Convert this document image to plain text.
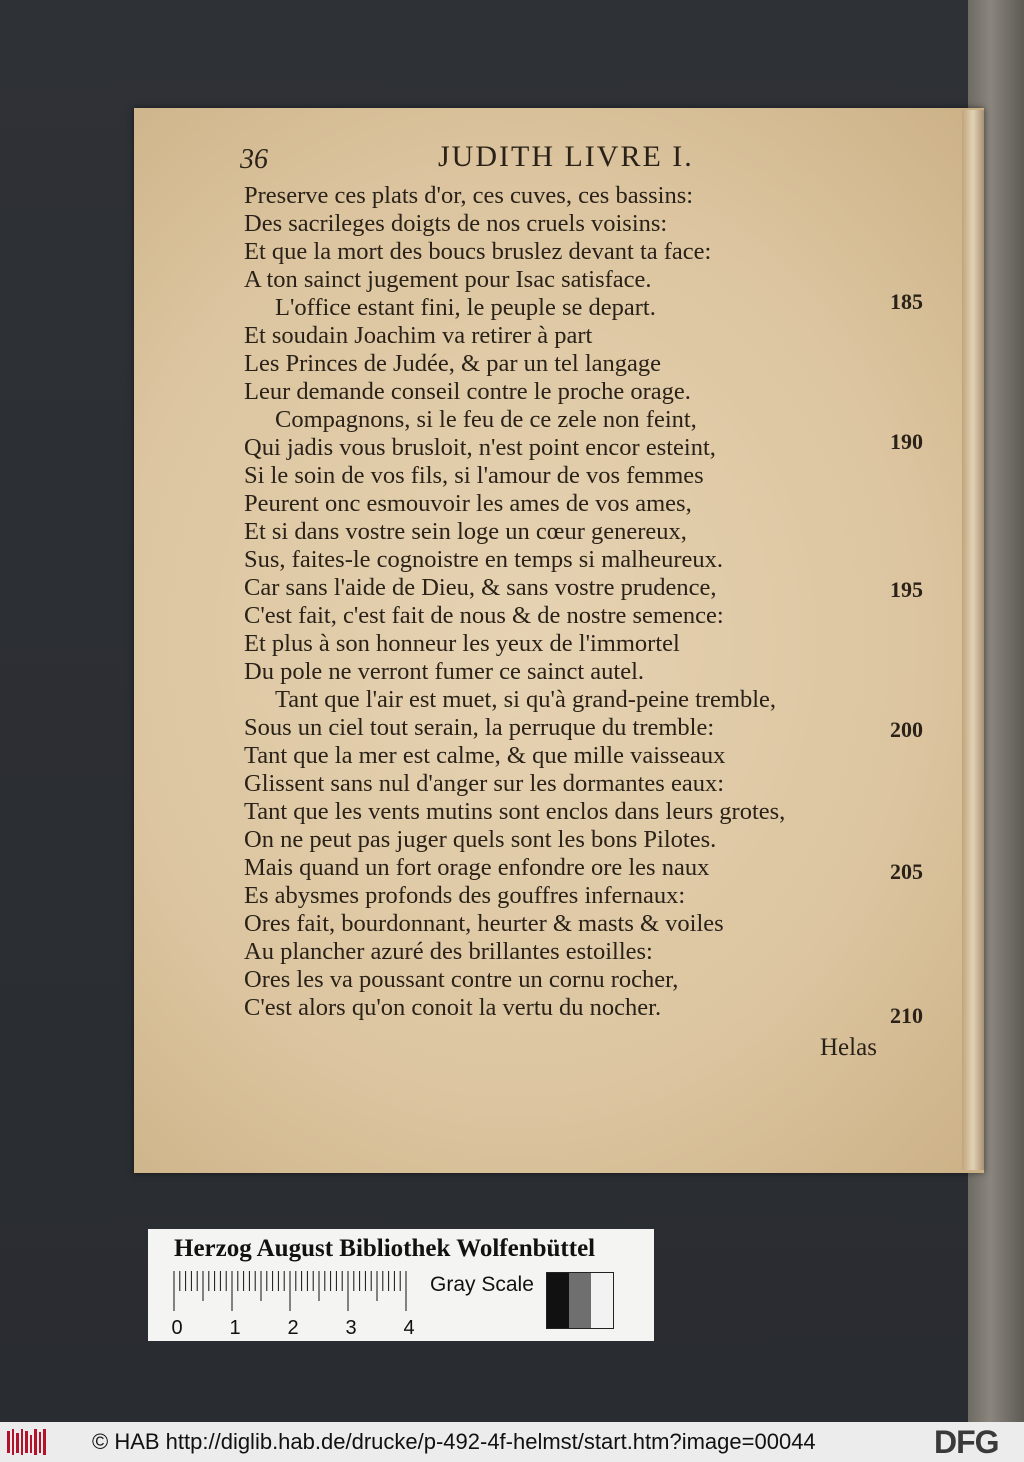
36	JUDITH LIVRE I.
Preserve ces plats d'or, ces cuves, ces bassins:
Des sacrileges doigts de nos cruels voisins:
Et que la mort des boucs bruslez devant ta face:
A ton sainct jugement pour Isac satisface.
L'office estant fini, le peuple se depart.
Et soudain Joachim va retirer à part
Les Princes de Judée, & par un tel langage
Leur demande conseil contre le proche orage.
Compagnons, si le feu de ce zele non feint,
Qui jadis vous brusloit, n'est point encor esteint,
Si le soin de vos fils, si l'amour de vos femmes
Peurent onc esmouvoir les ames de vos ames,
Et si dans vostre sein loge un cœur genereux,
Sus, faites-le cognoistre en temps si malheureux.
Car sans l'aide de Dieu, & sans vostre prudence,
C'est fait, c'est fait de nous & de nostre semence:
Et plus à son honneur les yeux de l'immortel
Du pole ne verront fumer ce sainct autel.
Tant que l'air est muet, si qu'à grand-peine tremble,
Sous un ciel tout serain, la perruque du tremble:
Tant que la mer est calme, & que mille vaisseaux
Glissent sans nul d'anger sur les dormantes eaux:
Tant que les vents mutins sont enclos dans leurs grotes,
On ne peut pas juger quels sont les bons Pilotes.
Mais quand un fort orage enfondre ore les naux
Es abysmes profonds des gouffres infernaux:
Ores fait, bourdonnant, heurter & masts & voiles
Au plancher azuré des brillantes estoilles:
Ores les va poussant contre un cornu rocher,
C'est alors qu'on conoit la vertu du nocher.
185
190
195
200
205
210
Helas
Herzog August Bibliothek Wolfenbüttel
0 1 2 3 4
Gray Scale
© HAB http://diglib.hab.de/drucke/p-492-4f-helmst/start.htm?image=00044	DFG
